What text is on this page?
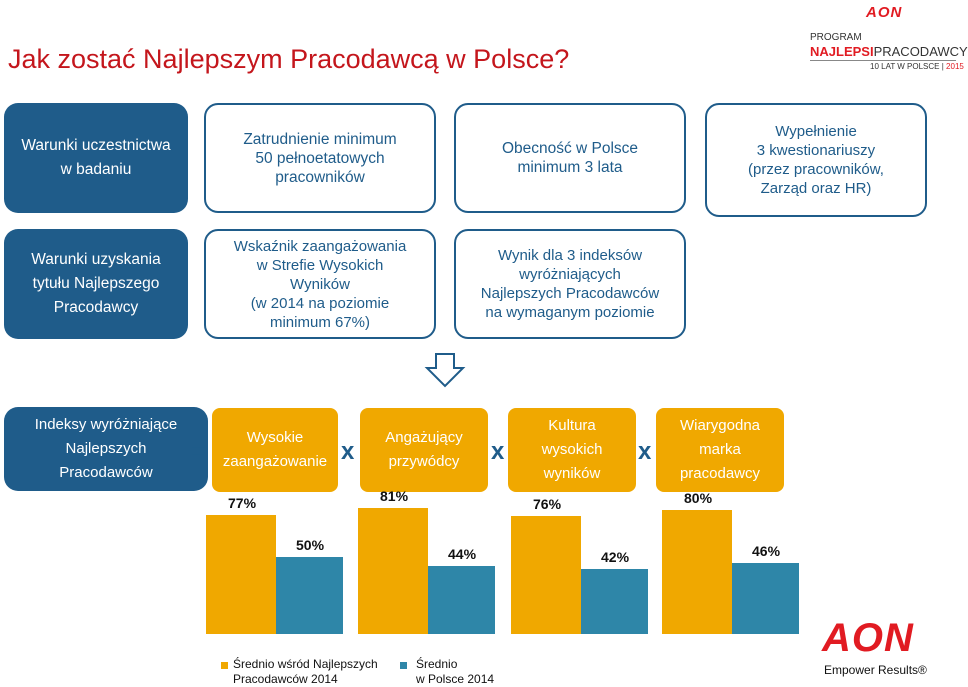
Jak zostać Najlepszym Pracodawcą w Polsce?
AON
PROGRAM
NAJLEPSIPRACODAWCY
10 LAT W POLSCE | 2015
Warunki uczestnictwa
w badaniu
Zatrudnienie minimum
50 pełnoetatowych
pracowników
Obecność w Polsce
minimum 3 lata
Wypełnienie
3 kwestionariuszy
(przez pracowników,
Zarząd oraz HR)
Warunki uzyskania
tytułu Najlepszego
Pracodawcy
Wskaźnik zaangażowania
w Strefie Wysokich
Wyników
(w 2014 na poziomie
minimum 67%)
Wynik dla 3 indeksów
wyróżniających
Najlepszych Pracodawców
na wymaganym poziomie
Indeksy wyróżniające
Najlepszych
Pracodawców
=	Wysokie
zaangażowanie x
Angażujący
przywódcy x
Kultura
wysokich
wyników
x
Wiarygodna
marka
pracodawcy
77%
50%
81%
44%
76%
42%
80%
46%
Średnio wśród Najlepszych
Pracodawców 2014
Średnio
w Polsce 2014
AON
Empower Results®
